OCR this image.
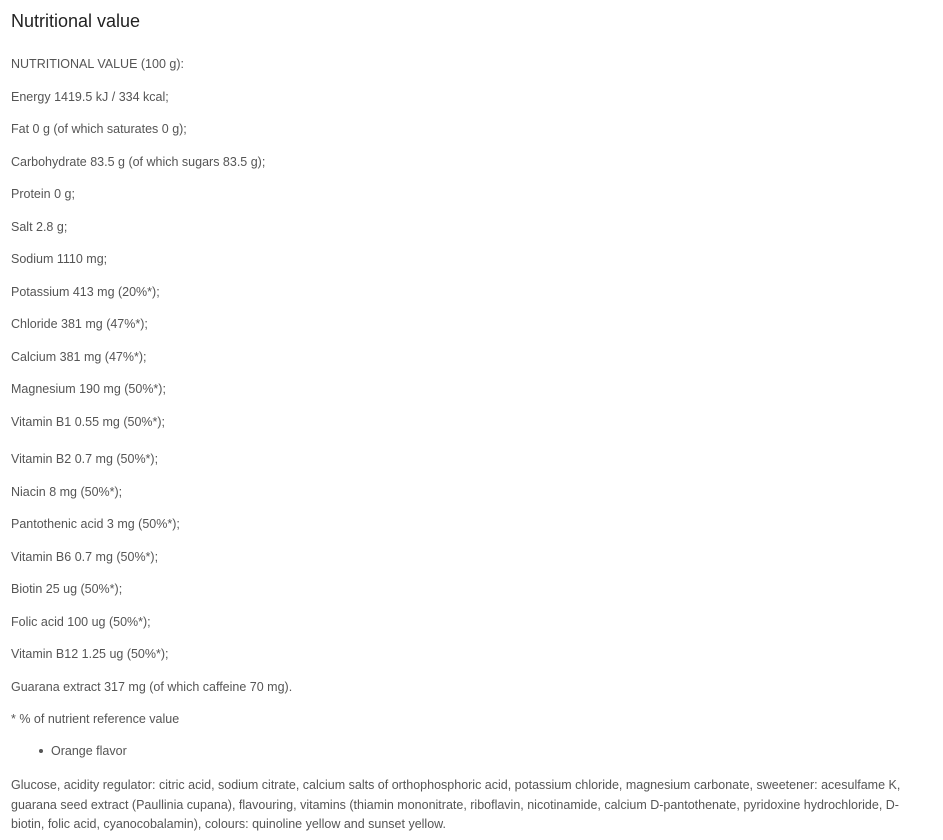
Nutritional value

NUTRITIONAL VALUE (100 g):

Energy 1419.5 kJ / 334 kcal;

Fat 0 g (of which saturates 0 g);

Carbohydrate 83.5 g (of which sugars 83.5 g);

Protein 0 g;

Salt 2.8 g;

Sodium 1110 mg;

Potassium 413 mg (20%*);

Chloride 381 mg (47%*);

Calcium 381 mg (47%*);

Magnesium 190 mg (50%*);

Vitamin B1 0.55 mg (50%*);

Vitamin B2 0.7 mg (50%*);

Niacin 8 mg (50%*);

Pantothenic acid 3 mg (50%*);

Vitamin B6 0.7 mg (50%*);

Biotin 25 ug (50%*);

Folic acid 100 ug (50%*);

Vitamin B12 1.25 ug (50%*);

Guarana extract 317 mg (of which caffeine 70 mg).

* % of nutrient reference value

Orange flavor

Glucose, acidity regulator: citric acid, sodium citrate, calcium salts of orthophosphoric acid, potassium chloride, magnesium carbonate, sweetener: acesulfame K, guarana seed extract (Paullinia cupana), flavouring, vitamins (thiamin mononitrate, riboflavin, nicotinamide, calcium D-pantothenate, pyridoxine hydrochloride, D-biotin, folic acid, cyanocobalamin), colours: quinoline yellow and sunset yellow.
